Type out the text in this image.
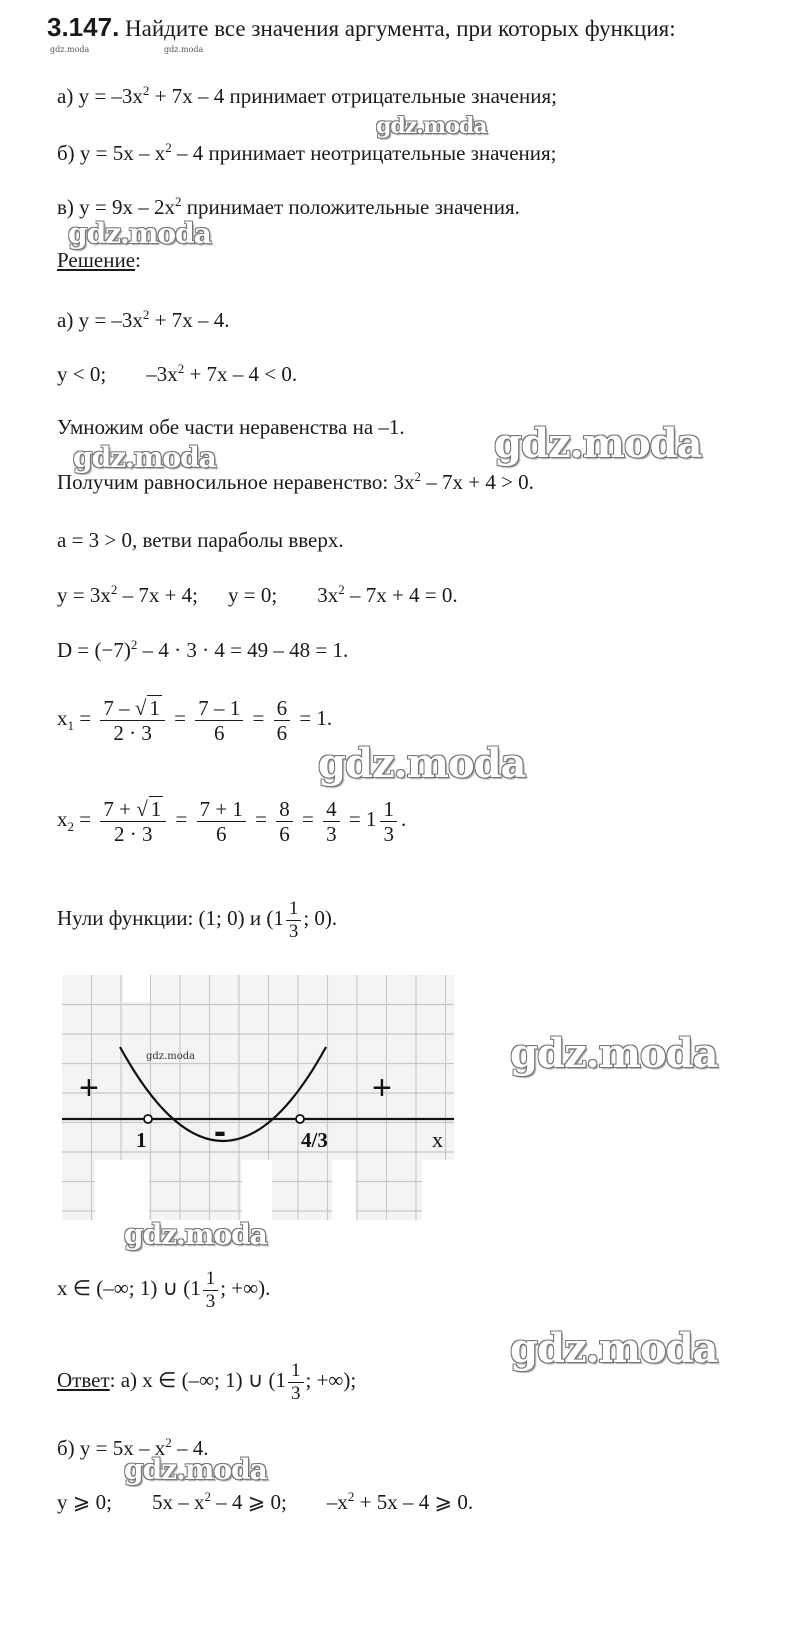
3.147. Найдите все значения аргумента, при которых функция:
а) $y = -3x^2 + 7x - 4$ принимает отрицательные значения;
б) $y = 5x - x^2 - 4$ принимает неотрицательные значения;
в) $y = 9x - 2x^2$ принимает положительные значения.
Решение:
а) $y = -3x^2 + 7x - 4$.
y < 0; $-3x^2 + 7x - 4 < 0$.
Умножим обе части неравенства на –1.
Получим равносильное неравенство: $3x^2 - 7x + 4 > 0$.
a = 3 > 0, ветви параболы вверх.
$y = 3x^2 - 7x + 4$; y = 0; $3x^2 - 7x + 4 = 0$.
$D = (-7)^2 - 4 \cdot 3 \cdot 4 = 49 - 48 = 1$.
$x_1 = \frac{7 - √ 1}{2 \cdot 3} = \frac{7 - 1}{6} = \frac{6}{6} = 1$.
$x_2 = \frac{7 + √ 1}{2 \cdot 3} = \frac{7 + 1}{6} = \frac{8}{6} = \frac{4}{3} = 1 \frac{1}{3}$ .
Нули функции: (1; 0) и ($1 \frac{1}{3}$ ; 0).
+	+
-
1	4/3	x
gdz.moda
x ∈ (–∞; 1) ∪ ($1 \frac{1}{3}$ ; +∞).
Ответ: а) x ∈ (–∞; 1) ∪ ($1 \frac{1}{3}$ ; +∞);
б) $y = 5x - x^2 - 4$.
y ⩾ 0; $5x - x^2 - 4$ ⩾ 0; $-x^2 + 5x - 4$ ⩾ 0.
gdz.moda	gdz.moda
gdz.moda
gdz.moda
gdz.moda
gdz.moda
gdz.moda
gdz.moda
gdz.moda
gdz.moda
gdz.moda
